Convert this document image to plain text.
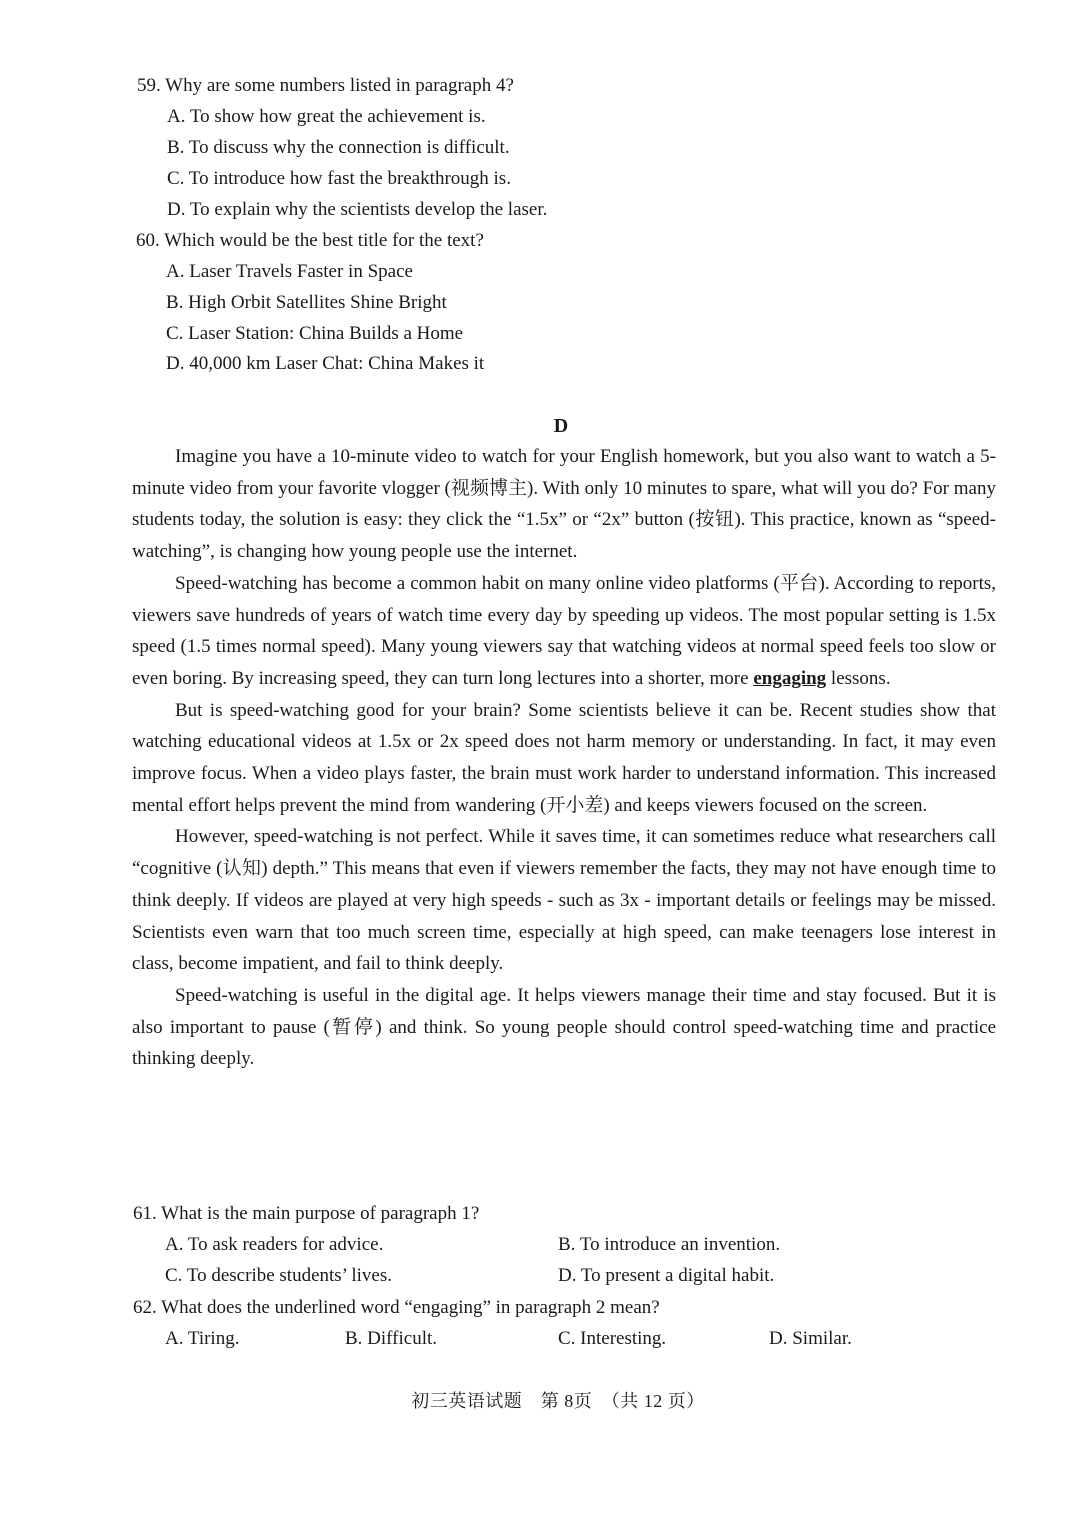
59. Why are some numbers listed in paragraph 4?
A. To show how great the achievement is.
B. To discuss why the connection is difficult.
C. To introduce how fast the breakthrough is.
D. To explain why the scientists develop the laser.
60. Which would be the best title for the text?
A. Laser Travels Faster in Space
B. High Orbit Satellites Shine Bright
C. Laser Station: China Builds a Home
D. 40,000 km Laser Chat: China Makes it
D

Imagine you have a 10-minute video to watch for your English homework, but you also want to watch a 5-minute video from your favorite vlogger (视频博主). With only 10 minutes to spare, what will you do? For many students today, the solution is easy: they click the “1.5x” or “2x” button (按钮). This practice, known as “speed-watching”, is changing how young people use the internet.

Speed-watching has become a common habit on many online video platforms (平台). According to reports, viewers save hundreds of years of watch time every day by speeding up videos. The most popular setting is 1.5x speed (1.5 times normal speed). Many young viewers say that watching videos at normal speed feels too slow or even boring. By increasing speed, they can turn long lectures into a shorter, more engaging lessons.

But is speed-watching good for your brain? Some scientists believe it can be. Recent studies show that watching educational videos at 1.5x or 2x speed does not harm memory or understanding. In fact, it may even improve focus. When a video plays faster, the brain must work harder to understand information. This increased mental effort helps prevent the mind from wandering (开小差) and keeps viewers focused on the screen.

However, speed-watching is not perfect. While it saves time, it can sometimes reduce what researchers call “cognitive (认知) depth.” This means that even if viewers remember the facts, they may not have enough time to think deeply. If videos are played at very high speeds - such as 3x - important details or feelings may be missed. Scientists even warn that too much screen time, especially at high speed, can make teenagers lose interest in class, become impatient, and fail to think deeply.

Speed-watching is useful in the digital age. It helps viewers manage their time and stay focused. But it is also important to pause (暂停) and think. So young people should control speed-watching time and practice thinking deeply.

61. What is the main purpose of paragraph 1?
A. To ask readers for advice.	B. To introduce an invention.
C. To describe students’ lives.	D. To present a digital habit.
62. What does the underlined word “engaging” in paragraph 2 mean?
A. Tiring.	B. Difficult.	C. Interesting.	D. Similar.
初三英语试题　第 8页　（共 12 页）
